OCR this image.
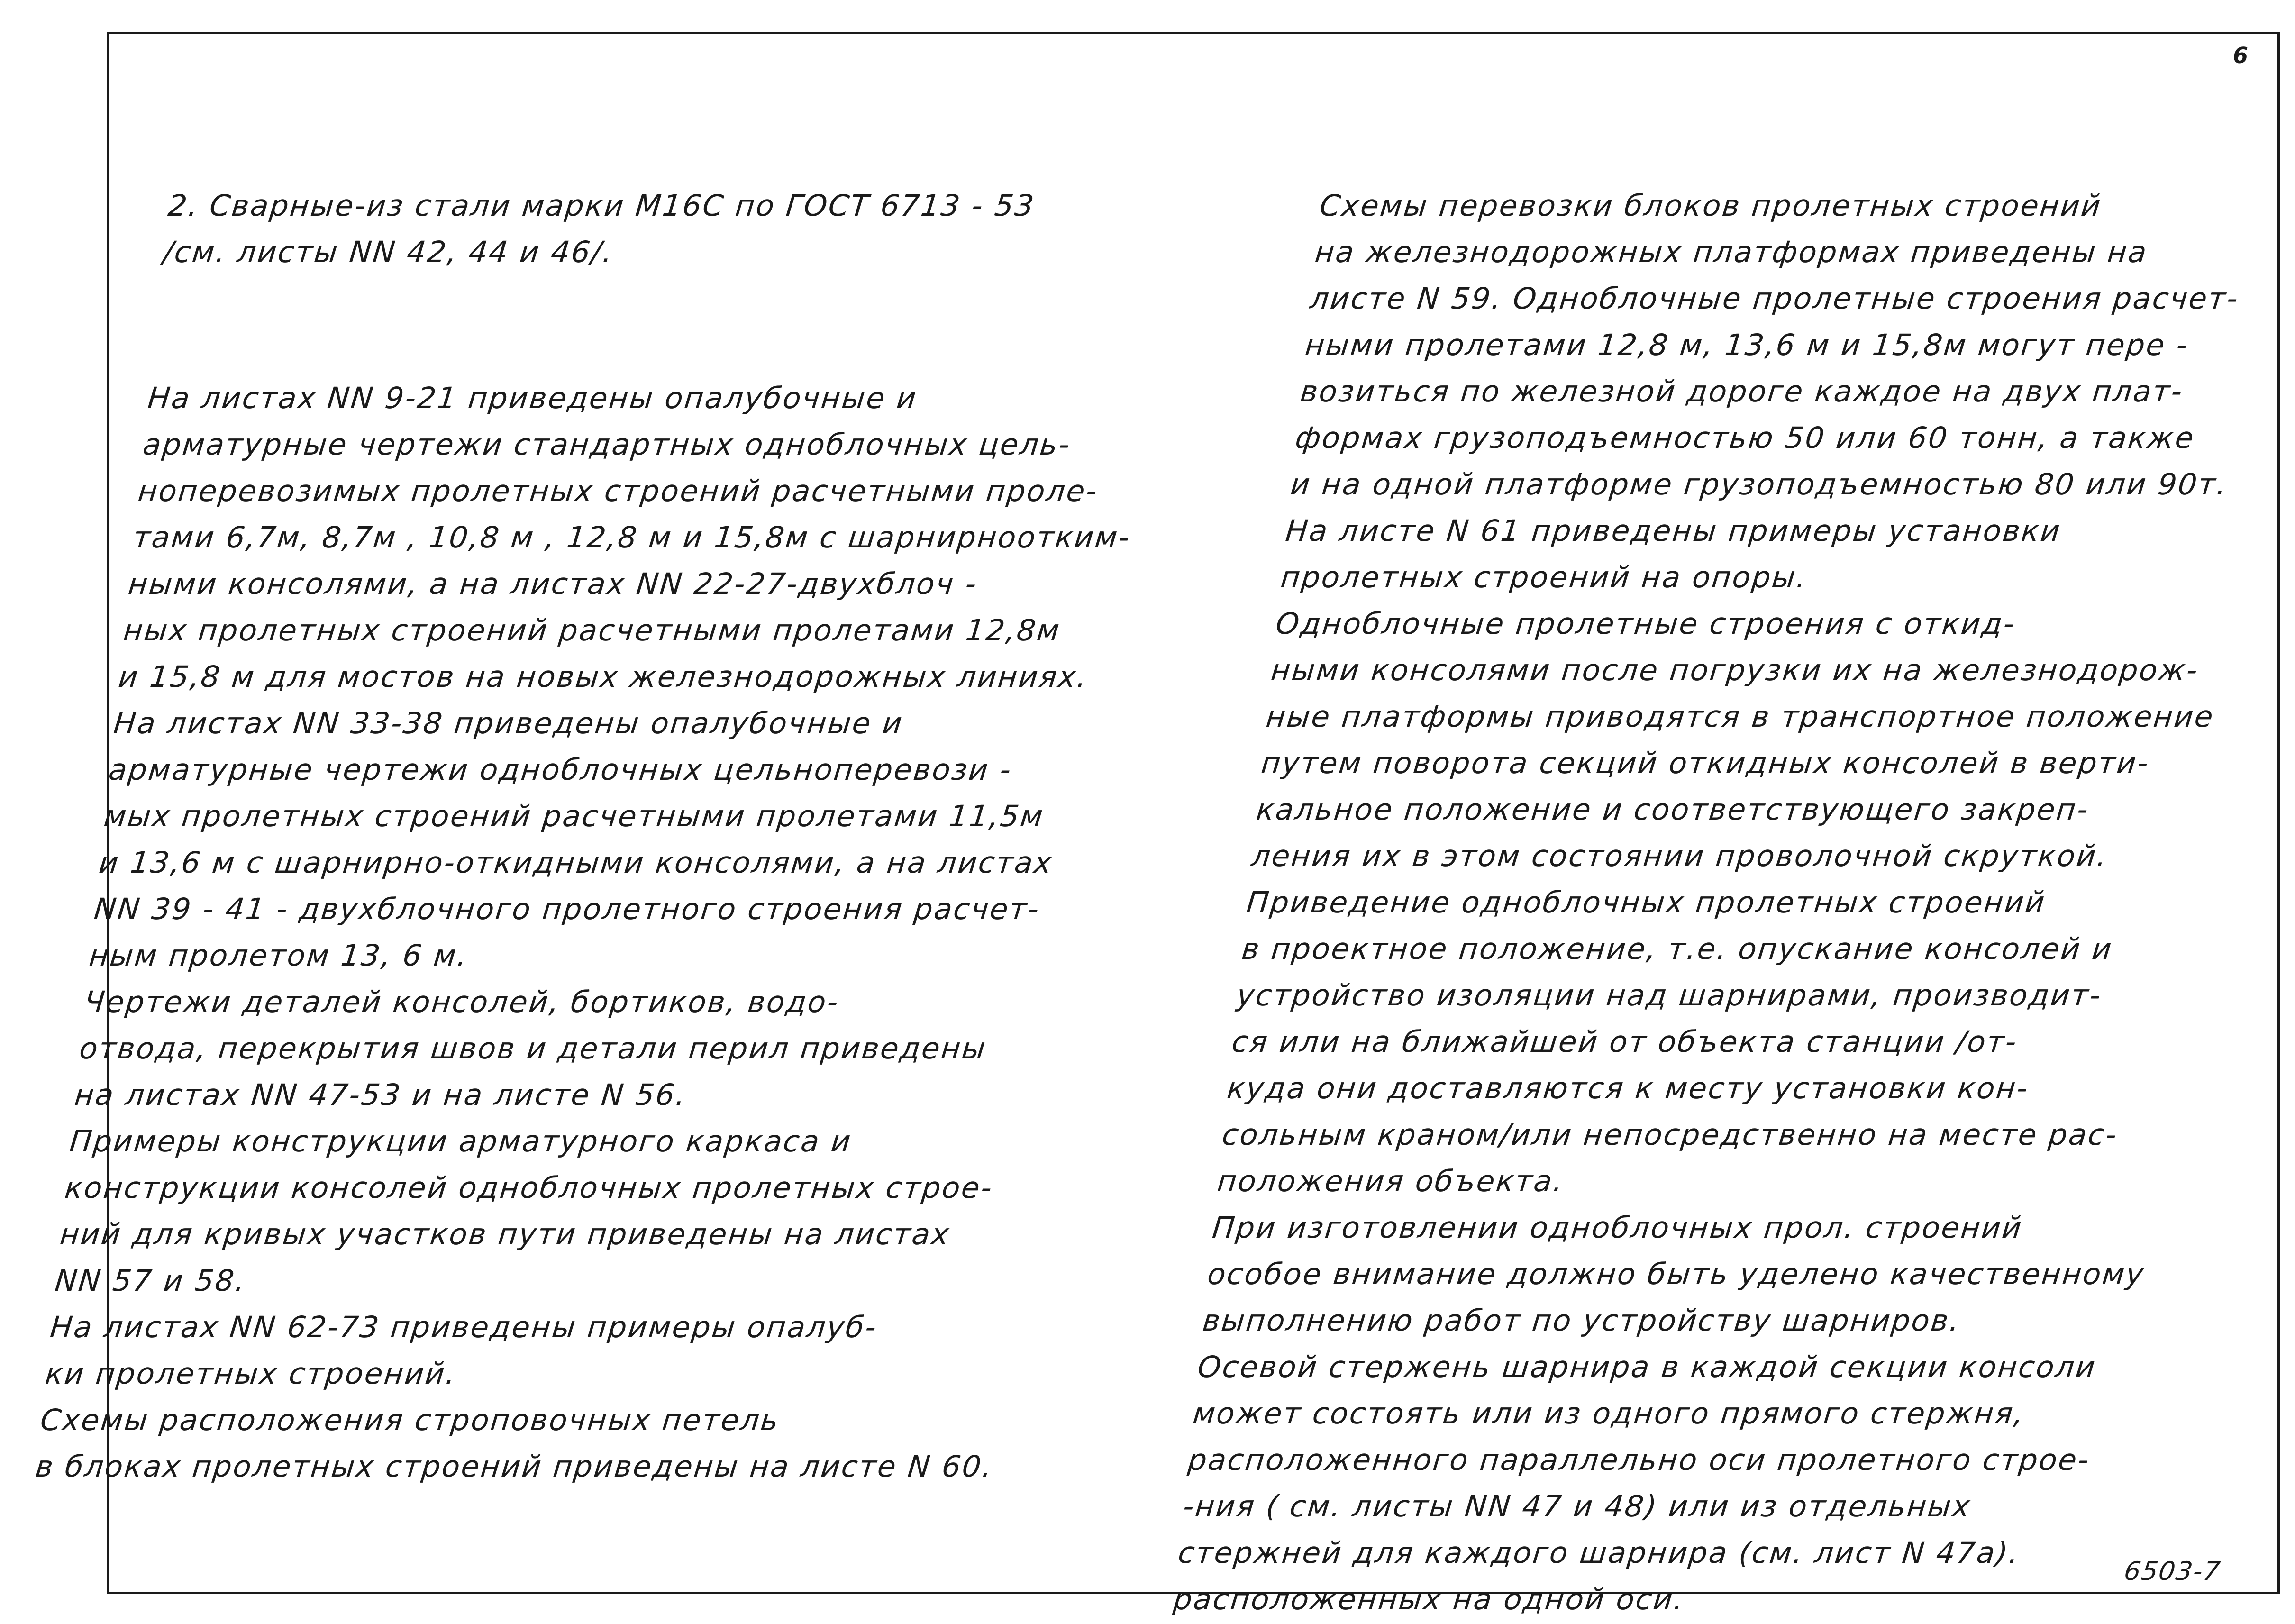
6
6503-7
2. Сварные-из стали марки М16С по ГОСТ 6713 - 53
/см. листы NN 42, 44 и 46/.
На листах NN 9-21 приведены опалубочные и
арматурные чертежи стандартных одноблочных цель-
ноперевозимых пролетных строений расчетными проле-
тами 6,7м, 8,7м , 10,8 м , 12,8 м и 15,8м с шарнирноотким-
ными консолями, а на листах NN 22-27-двухблоч -
ных пролетных строений расчетными пролетами 12,8м
и 15,8 м для мостов на новых железнодорожных линиях.
На листах NN 33-38 приведены опалубочные и
арматурные чертежи одноблочных цельноперевози -
мых пролетных строений расчетными пролетами 11,5м
и 13,6 м с шарнирно-откидными консолями, а на листах
NN 39 - 41 - двухблочного пролетного строения расчет-
ным пролетом 13, 6 м.
Чертежи деталей консолей, бортиков, водо-
отвода, перекрытия швов и детали перил приведены
на листах NN 47-53 и на листе N 56.
Примеры конструкции арматурного каркаса и
конструкции консолей одноблочных пролетных строе-
ний для кривых участков пути приведены на листах
NN 57 и 58.
На листах NN 62-73 приведены примеры опалуб-
ки пролетных строений.
Схемы расположения строповочных петель
в блоках пролетных строений приведены на листе N 60.
Схемы перевозки блоков пролетных строений
на железнодорожных платформах приведены на
листе N 59. Одноблочные пролетные строения расчет-
ными пролетами 12,8 м, 13,6 м и 15,8м могут пере -
возиться по железной дороге каждое на двух плат-
формах грузоподъемностью 50 или 60 тонн, а также
и на одной платформе грузоподъемностью 80 или 90т.
На листе N 61 приведены примеры установки
пролетных строений на опоры.
Одноблочные пролетные строения с откид-
ными консолями после погрузки их на железнодорож-
ные платформы приводятся в транспортное положение
путем поворота секций откидных консолей в верти-
кальное положение и соответствующего закреп-
ления их в этом состоянии проволочной скруткой.
Приведение одноблочных пролетных строений
в проектное положение, т.е. опускание консолей и
устройство изоляции над шарнирами, производит-
ся или на ближайшей от объекта станции /от-
куда они доставляются к месту установки кон-
сольным краном/или непосредственно на месте рас-
положения объекта.
При изготовлении одноблочных прол. строений
особое внимание должно быть уделено качественному
выполнению работ по устройству шарниров.
Осевой стержень шарнира в каждой секции консоли
может состоять или из одного прямого стержня,
расположенного параллельно оси пролетного строе-
-ния ( см. листы NN 47 и 48) или из отдельных
стержней для каждого шарнира (см. лист N 47а).
расположенных на одной оси.
